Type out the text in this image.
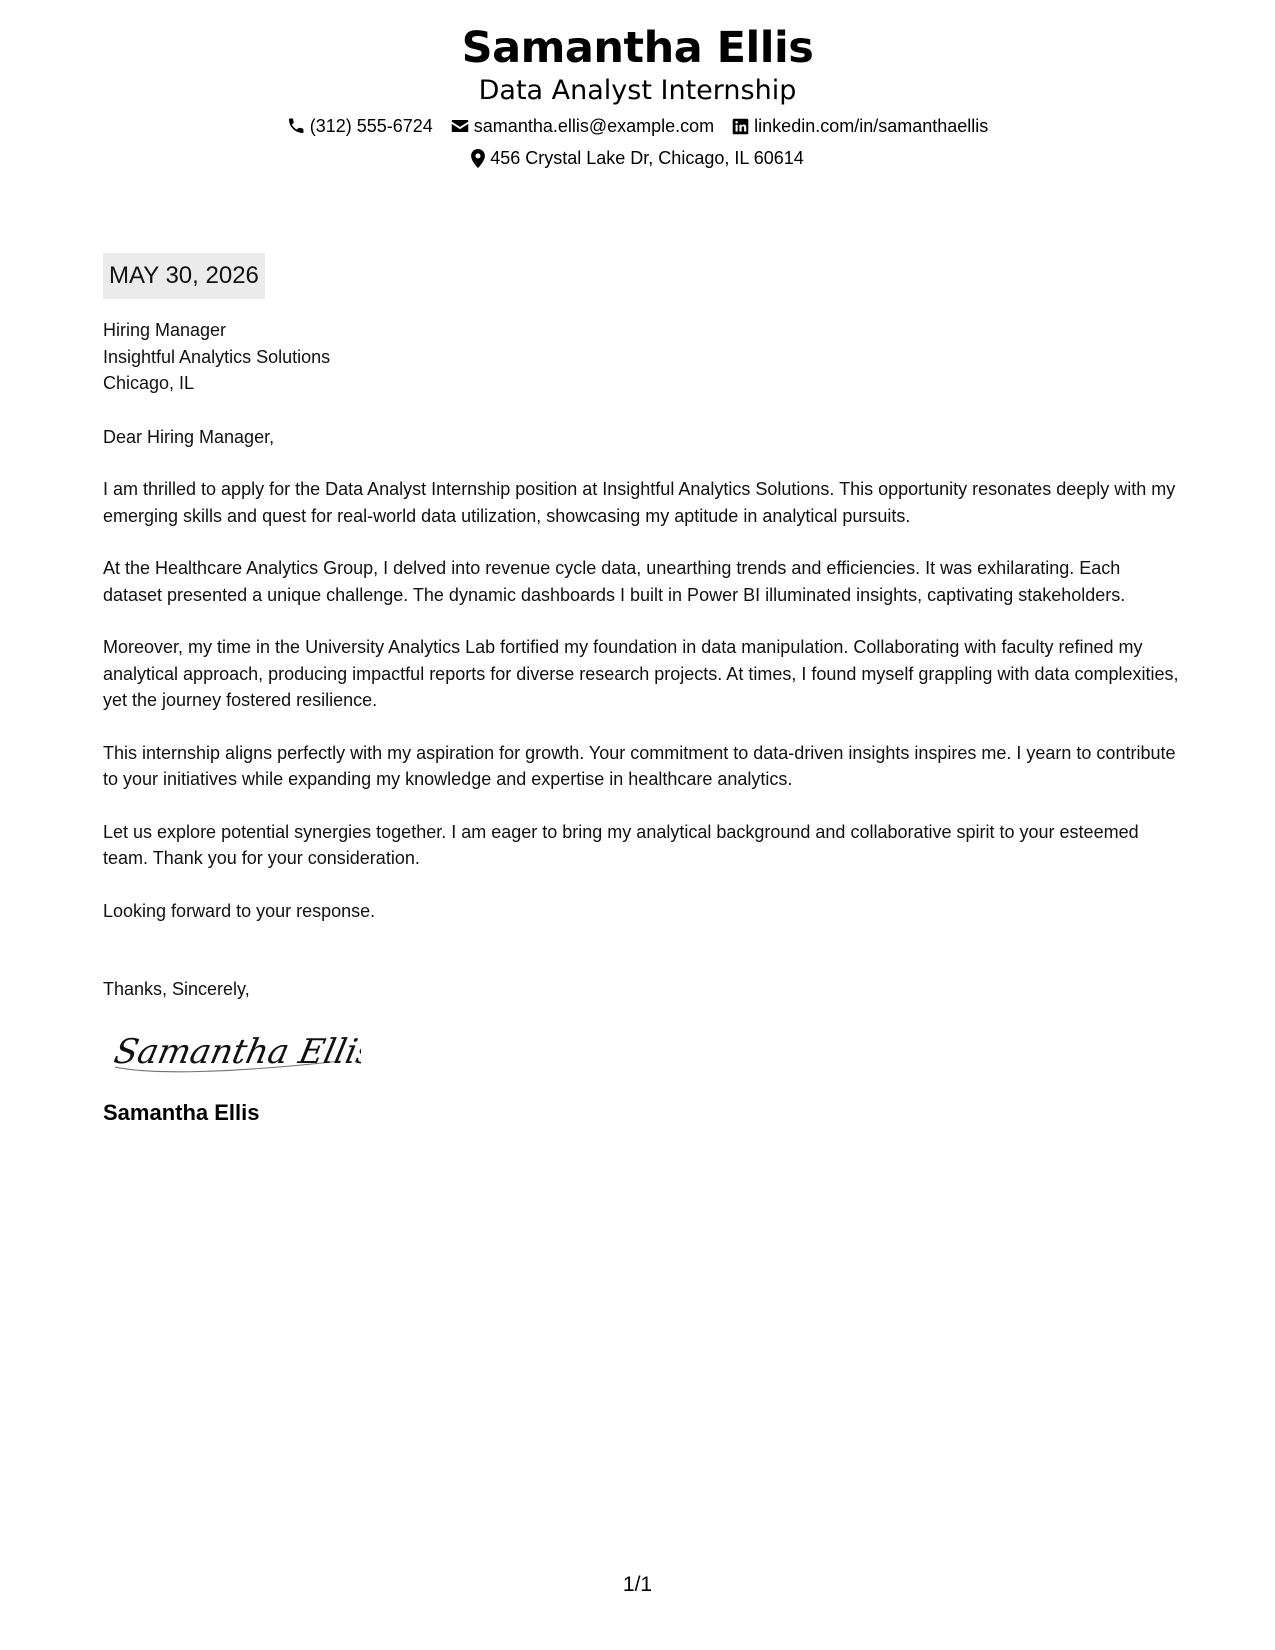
Samantha Ellis
Data Analyst Internship
(312) 555-6724 samantha.ellis@example.com linkedin.com/in/samanthaellis
456 Crystal Lake Dr, Chicago, IL 60614
MAY 30, 2026
Hiring Manager
Insightful Analytics Solutions
Chicago, IL
Dear Hiring Manager,
I am thrilled to apply for the Data Analyst Internship position at Insightful Analytics Solutions. This opportunity resonates deeply with my emerging skills and quest for real-world data utilization, showcasing my aptitude in analytical pursuits.
At the Healthcare Analytics Group, I delved into revenue cycle data, unearthing trends and efficiencies. It was exhilarating. Each dataset presented a unique challenge. The dynamic dashboards I built in Power BI illuminated insights, captivating stakeholders.
Moreover, my time in the University Analytics Lab fortified my foundation in data manipulation. Collaborating with faculty refined my analytical approach, producing impactful reports for diverse research projects. At times, I found myself grappling with data complexities, yet the journey fostered resilience.
This internship aligns perfectly with my aspiration for growth. Your commitment to data-driven insights inspires me. I yearn to contribute to your initiatives while expanding my knowledge and expertise in healthcare analytics.
Let us explore potential synergies together. I am eager to bring my analytical background and collaborative spirit to your esteemed team. Thank you for your consideration.
Looking forward to your response.
Thanks, Sincerely,
Samantha Ellis
Samantha Ellis
1/1
